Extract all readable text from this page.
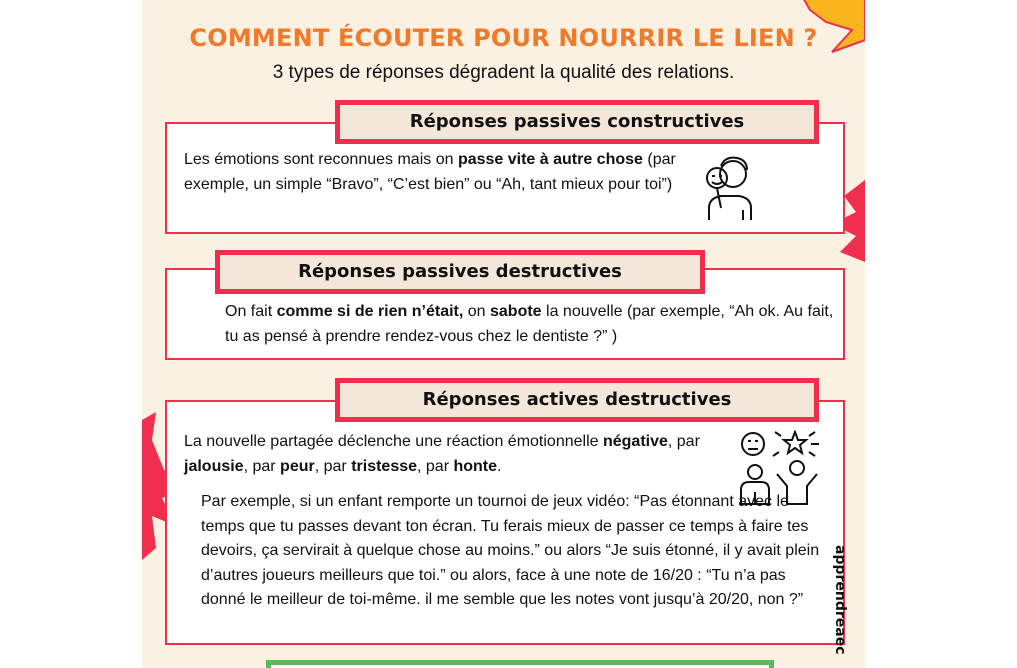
COMMENT ÉCOUTER POUR NOURRIR LE LIEN ?

3 types de réponses dégradent la qualité des relations.

Les émotions sont reconnues mais on passe vite à autre chose (par exemple, un simple “Bravo”, “C’est bien” ou “Ah, tant mieux pour toi”)

Réponses passives constructives

On fait comme si de rien n’était, on sabote la nouvelle (par exemple, “Ah ok. Au fait, tu as pensé à prendre rendez-vous chez le dentiste ?” )

Réponses passives destructives

La nouvelle partagée déclenche une réaction émotionnelle négative, par jalousie, par peur, par tristesse, par honte.

Par exemple, si un enfant remporte un tournoi de jeux vidéo: “Pas étonnant avec le temps que tu passes devant ton écran. Tu ferais mieux de passer ce temps à faire tes devoirs, ça servirait à quelque chose au moins.” ou alors “Je suis étonné, il y avait plein d’autres joueurs meilleurs que toi.” ou alors, face à une note de 16/20 : “Tu n’a pas donné le meilleur de toi-même. il me semble que les notes vont jusqu’à 20/20, non ?”

Réponses actives destructives
apprendreaec
